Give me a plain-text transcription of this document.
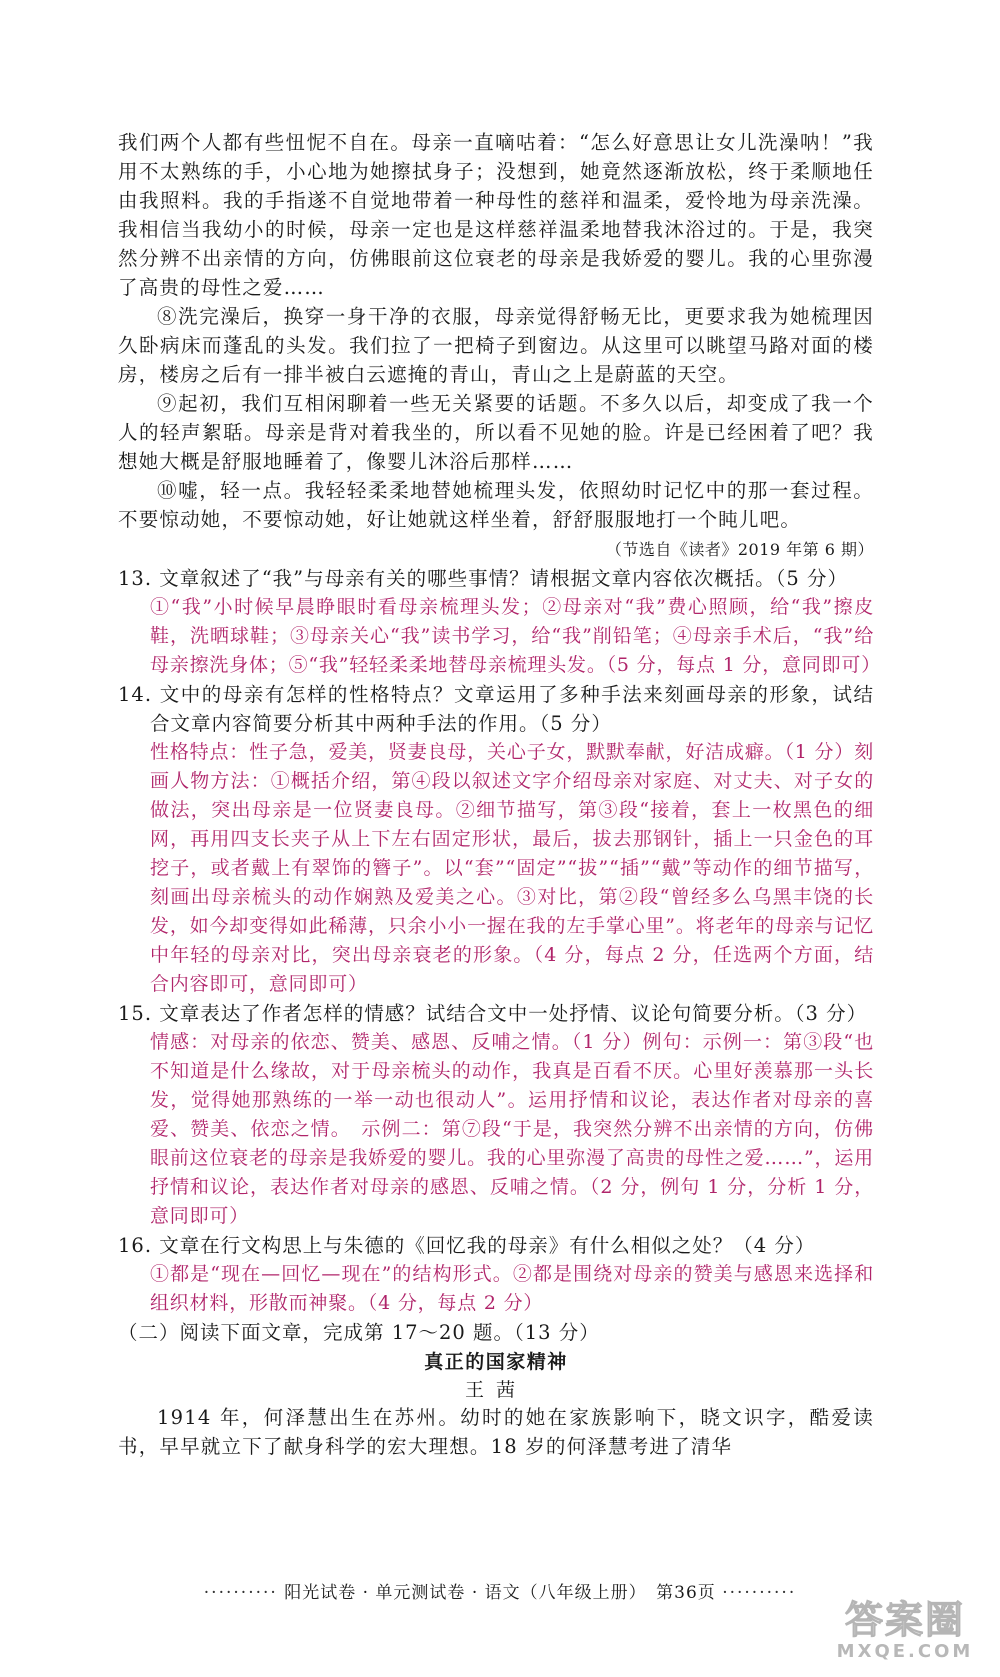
我们两个人都有些忸怩不自在。母亲一直嘀咕着：“怎么好意思让女儿洗澡呐！”我用不太熟练的手，小心地为她擦拭身子；没想到，她竟然逐渐放松，终于柔顺地任由我照料。我的手指遂不自觉地带着一种母性的慈祥和温柔，爱怜地为母亲洗澡。我相信当我幼小的时候，母亲一定也是这样慈祥温柔地替我沐浴过的。于是，我突然分辨不出亲情的方向，仿佛眼前这位衰老的母亲是我娇爱的婴儿。我的心里弥漫了高贵的母性之爱……

⑧洗完澡后，换穿一身干净的衣服，母亲觉得舒畅无比，更要求我为她梳理因久卧病床而蓬乱的头发。我们拉了一把椅子到窗边。从这里可以眺望马路对面的楼房，楼房之后有一排半被白云遮掩的青山，青山之上是蔚蓝的天空。

⑨起初，我们互相闲聊着一些无关紧要的话题。不多久以后，却变成了我一个人的轻声絮聒。母亲是背对着我坐的，所以看不见她的脸。许是已经困着了吧？我想她大概是舒服地睡着了，像婴儿沐浴后那样……

⑩嘘，轻一点。我轻轻柔柔地替她梳理头发，依照幼时记忆中的那一套过程。不要惊动她，不要惊动她，好让她就这样坐着，舒舒服服地打一个盹儿吧。

（节选自《读者》2019 年第 6 期）

13. 文章叙述了“我”与母亲有关的哪些事情？请根据文章内容依次概括。（5 分）

①“我”小时候早晨睁眼时看母亲梳理头发；②母亲对“我”费心照顾，给“我”擦皮鞋，洗晒球鞋；③母亲关心“我”读书学习，给“我”削铅笔；④母亲手术后，“我”给母亲擦洗身体；⑤“我”轻轻柔柔地替母亲梳理头发。（5 分，每点 1 分，意同即可）

14. 文中的母亲有怎样的性格特点？文章运用了多种手法来刻画母亲的形象，试结合文章内容简要分析其中两种手法的作用。（5 分）

性格特点：性子急，爱美，贤妻良母，关心子女，默默奉献，好洁成癖。（1 分）刻画人物方法：①概括介绍，第④段以叙述文字介绍母亲对家庭、对丈夫、对子女的做法，突出母亲是一位贤妻良母。②细节描写，第③段“接着，套上一枚黑色的细网，再用四支长夹子从上下左右固定形状，最后，拔去那钢针，插上一只金色的耳挖子，或者戴上有翠饰的簪子”。以“套”“固定”“拔”“插”“戴”等动作的细节描写，刻画出母亲梳头的动作娴熟及爱美之心。③对比，第②段“曾经多么乌黑丰饶的长发，如今却变得如此稀薄，只余小小一握在我的左手掌心里”。将老年的母亲与记忆中年轻的母亲对比，突出母亲衰老的形象。（4 分，每点 2 分，任选两个方面，结合内容即可，意同即可）

15. 文章表达了作者怎样的情感？试结合文中一处抒情、议论句简要分析。（3 分）

情感：对母亲的依恋、赞美、感恩、反哺之情。（1 分）例句：示例一：第③段“也不知道是什么缘故，对于母亲梳头的动作，我真是百看不厌。心里好羡慕那一头长发，觉得她那熟练的一举一动也很动人”。运用抒情和议论，表达作者对母亲的喜爱、赞美、依恋之情。　示例二：第⑦段“于是，我突然分辨不出亲情的方向，仿佛眼前这位衰老的母亲是我娇爱的婴儿。我的心里弥漫了高贵的母性之爱……”，运用抒情和议论，表达作者对母亲的感恩、反哺之情。（2 分，例句 1 分，分析 1 分，意同即可）

16. 文章在行文构思上与朱德的《回忆我的母亲》有什么相似之处？（4 分）

①都是“现在—回忆—现在”的结构形式。②都是围绕对母亲的赞美与感恩来选择和组织材料，形散而神聚。（4 分，每点 2 分）

（二）阅读下面文章，完成第 17～20 题。（13 分）

真正的国家精神

王茜

1914 年，何泽慧出生在苏州。幼时的她在家族影响下，晓文识字，酷爱读书，早早就立下了献身科学的宏大理想。18 岁的何泽慧考进了清华

·········· 阳光试卷 · 单元测试卷 · 语文（八年级上册）　第36页 ··········
答案圈
MXQE.COM
